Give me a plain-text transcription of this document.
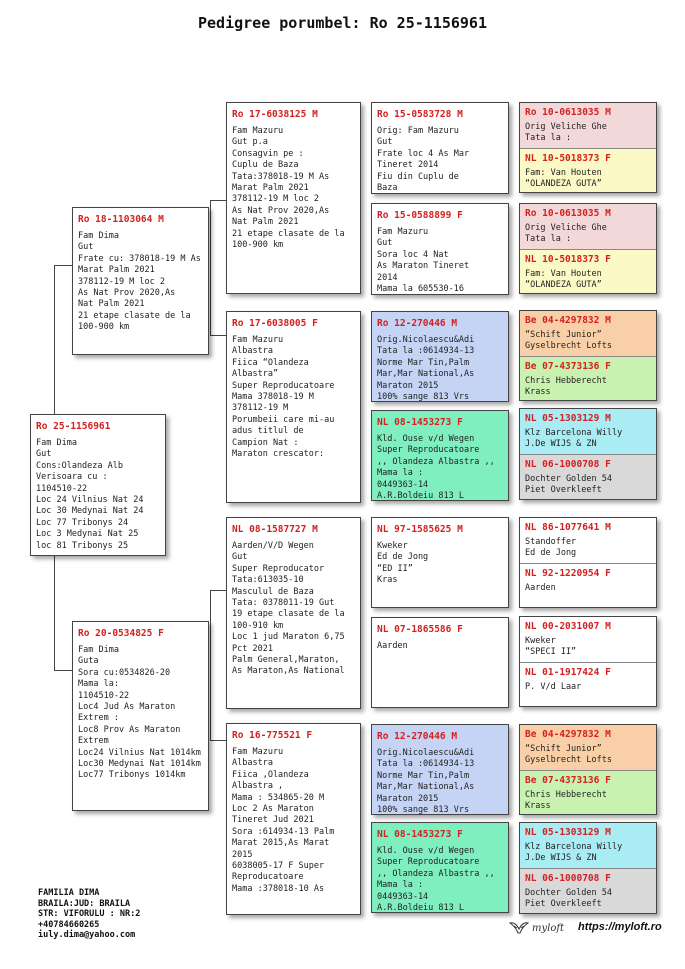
Pedigree porumbel: Ro 25-1156961
Ro 25-1156961
Fam Dima
Gut
Cons:Olandeza Alb
Verisoara cu :
1104510-22
Loc 24 Vilnius Nat 24
Loc 30 Medynai Nat 24
Loc 77 Tribonys 24
Loc 3 Medynai Nat 25
loc 81 Tribonys 25
Ro 18-1103064 M
Fam Dima
Gut
Frate cu: 378018-19 M As
Marat Palm 2021
378112-19 M loc 2
As Nat Prov 2020,As
Nat Palm 2021
21 etape clasate de la
100-900 km
Ro 20-0534825 F
Fam Dima
Guta
Sora cu:0534826-20
Mama la:
1104510-22
Loc4 Jud As Maraton
Extrem :
Loc8 Prov As Maraton
Extrem
Loc24 Vilnius Nat 1014km
Loc30 Medynai Nat 1014km
Loc77 Tribonys 1014km
Ro 17-6038125 M
Fam Mazuru
Gut p.a
Consagvin pe :
Cuplu de Baza
Tata:378018-19 M As
Marat Palm 2021
378112-19 M loc 2
As Nat Prov 2020,As
Nat Palm 2021
21 etape clasate de la
100-900 km
Ro 17-6038005 F
Fam Mazuru
Albastra
Fiica “Olandeza
Albastra”
Super Reproducatoare
Mama 378018-19 M
378112-19 M
Porumbeii care mi-au
adus titlul de
Campion Nat :
Maraton crescator:
NL 08-1587727 M
Aarden/V/D Wegen
Gut
Super Reproducator
Tata:613035-10
Masculul de Baza
Tata: 0378011-19 Gut
19 etape clasate de la
100-910 km
Loc 1 jud Maraton 6,75
Pct 2021
Palm General,Maraton,
As Maraton,As National
Ro 16-775521 F
Fam Mazuru
Albastra
Fiica ,Olandeza
Albastra ,
Mama : 534865-20 M
Loc 2 As Maraton
Tineret Jud 2021
Sora :614934-13 Palm
Marat 2015,As Marat
2015
6038005-17 F Super
Reproducatoare
Mama :378018-10 As
Ro 15-0583728 M
Orig: Fam Mazuru
Gut
Frate loc 4 As Mar
Tineret 2014
Fiu din Cuplu de
Baza
Ro 15-0588899 F
Fam Mazuru
Gut
Sora loc 4 Nat
As Maraton Tineret
2014
Mama la 605530-16
Ro 12-270446 M
Orig.Nicolaescu&Adi
Tata la :0614934-13
Norme Mar Tin,Palm
Mar,Mar National,As
Maraton 2015
100% sange 813 Vrs
NL 08-1453273 F
Kld. Ouse v/d Wegen
Super Reproducatoare
,, Olandeza Albastra ,,
Mama la :
0449363-14
A.R.Boldeiu 813 L
NL 97-1585625 M
Kweker
Ed de Jong
“ED II”
Kras
NL 07-1865586 F
Aarden
Ro 12-270446 M
Orig.Nicolaescu&Adi
Tata la :0614934-13
Norme Mar Tin,Palm
Mar,Mar National,As
Maraton 2015
100% sange 813 Vrs
NL 08-1453273 F
Kld. Ouse v/d Wegen
Super Reproducatoare
,, Olandeza Albastra ,,
Mama la :
0449363-14
A.R.Boldeiu 813 L
Ro 10-0613035 M
Orig Veliche Ghe
Tata la :
NL 10-5018373 F
Fam: Van Houten
“OLANDEZA GUTA”
Ro 10-0613035 M
Orig Veliche Ghe
Tata la :
NL 10-5018373 F
Fam: Van Houten
“OLANDEZA GUTA”
Be 04-4297832 M
“Schift Junior”
Gyselbrecht Lofts
Be 07-4373136 F
Chris Hebberecht
Krass
NL 05-1303129 M
Klz Barcelona Willy
J.De WIJS & ZN
NL 06-1000708 F
Dochter Golden 54
Piet Overkleeft
NL 86-1077641 M
Standoffer
Ed de Jong
NL 92-1220954 F
Aarden
NL 00-2031007 M
Kweker
“SPECI II”
NL 01-1917424 F
P. V/d Laar
Be 04-4297832 M
“Schift Junior”
Gyselbrecht Lofts
Be 07-4373136 F
Chris Hebberecht
Krass
NL 05-1303129 M
Klz Barcelona Willy
J.De WIJS & ZN
NL 06-1000708 F
Dochter Golden 54
Piet Overkleeft
FAMILIA DIMA
BRAILA:JUD: BRAILA
STR: VIFORULU : NR:2
+40784660265
iuly.dima@yahoo.com
myloft https://myloft.ro
